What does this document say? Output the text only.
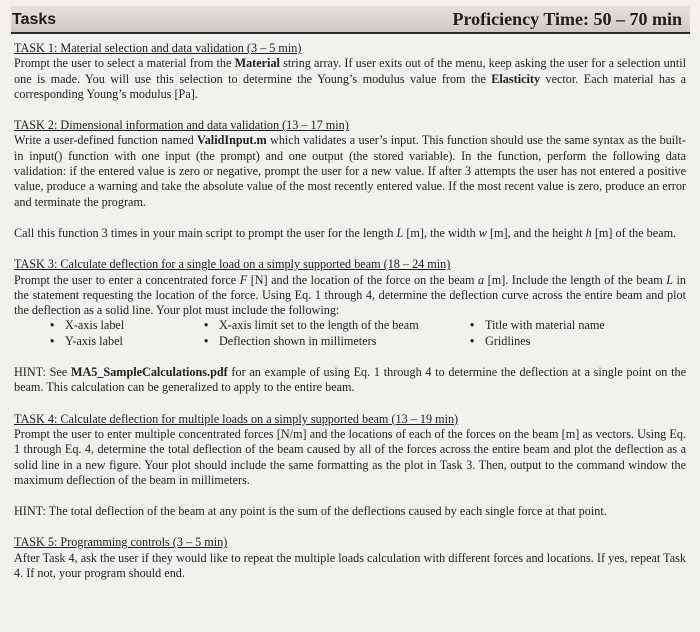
Tasks	Proficiency Time: 50 – 70 min
TASK 1: Material selection and data validation (3 – 5 min)

Prompt the user to select a material from the Material string array. If user exits out of the menu, keep asking the user for a selection until one is made. You will use this selection to determine the Young’s modulus value from the Elasticity vector. Each material has a corresponding Young’s modulus [Pa].

TASK 2: Dimensional information and data validation (13 – 17 min)

Write a user-defined function named ValidInput.m which validates a user’s input. This function should use the same syntax as the built-in input() function with one input (the prompt) and one output (the stored variable). In the function, perform the following data validation: if the entered value is zero or negative, prompt the user for a new value. If after 3 attempts the user has not entered a positive value, produce a warning and take the absolute value of the most recently entered value. If the most recent value is zero, produce an error and terminate the program.

Call this function 3 times in your main script to prompt the user for the length L [m], the width w [m], and the height h [m] of the beam.

TASK 3: Calculate deflection for a single load on a simply supported beam (18 – 24 min)

Prompt the user to enter a concentrated force F [N] and the location of the force on the beam a [m]. Include the length of the beam L in the statement requesting the location of the force. Using Eq. 1 through 4, determine the deflection curve across the entire beam and plot the deflection as a solid line. Your plot must include the following:

• X-axis label	• X-axis limit set to the length of the beam	• Title with material name
• Y-axis label	• Deflection shown in millimeters	• Gridlines

HINT: See MA5_SampleCalculations.pdf for an example of using Eq. 1 through 4 to determine the deflection at a single point on the beam. This calculation can be generalized to apply to the entire beam.

TASK 4: Calculate deflection for multiple loads on a simply supported beam (13 – 19 min)

Prompt the user to enter multiple concentrated forces [N/m] and the locations of each of the forces on the beam [m] as vectors. Using Eq. 1 through Eq. 4, determine the total deflection of the beam caused by all of the forces across the entire beam and plot the deflection as a solid line in a new figure. Your plot should include the same formatting as the plot in Task 3. Then, output to the command window the maximum deflection of the beam in millimeters.

HINT: The total deflection of the beam at any point is the sum of the deflections caused by each single force at that point.

TASK 5: Programming controls (3 – 5 min)

After Task 4, ask the user if they would like to repeat the multiple loads calculation with different forces and locations. If yes, repeat Task 4. If not, your program should end.
